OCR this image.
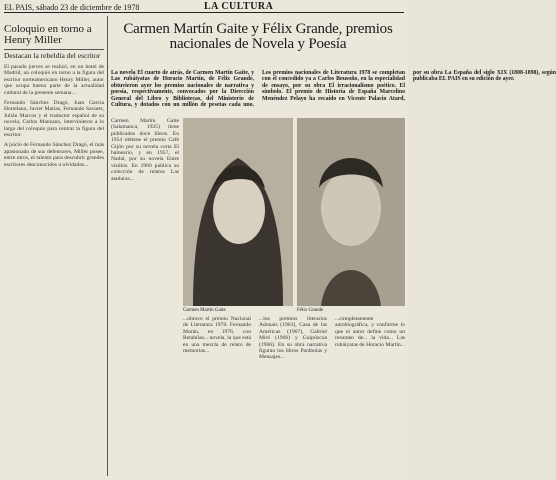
EL PAIS, sábado 23 de diciembre de 1978	LA CULTURA
Coloquio en torno a Henry Miller
Destacan la rebeldía del escritor

El pasado jueves se realizó, en un hotel de Madrid, un coloquio en torno a la figura del escritor norteamericano Henry Miller, autor que ocupa buena parte de la actualidad cultural de la presente semana...

Fernando Sánchez Dragó, Juan García Hortelano, Javier Marías, Fernando Savater, Julián Marcos y el traductor español de su novela, Carlos Manzano, intervinieron a lo largo del coloquio para centrar la figura del escritor.

A juicio de Fernando Sánchez Dragó, el más apasionado de sus defensores, Miller posee, entre otros, el talento para descubrir grandes escritores desconocidos u olvidados...

Carmen Martín Gaite y Félix Grande, premios nacionales de Novela y Poesía
La novela El cuarto de atrás, de Carmen Martín Gaite, y Las rubáiyatas de Horacio Martín, de Félix Grande, obtuvieron ayer los premios nacionales de narrativa y poesía, respectivamente, convocados por la Dirección General del Libro y Bibliotecas, del Ministerio de Cultura, y dotados con un millón de pesetas cada uno. Los premios nacionales de Literatura 1978 se completan con el concedido ya a Carlos Bousoño, en la especialidad de ensayo, por su obra El irracionalismo poético. El símbolo. El premio de Historia de España Marcelino Menéndez Pelayo ha recaído en Vicente Palacio Atard, por su obra La España del siglo XIX (1808-1898), según publicaba EL PAIS en su edición de ayer.
Carmen Martín Gaite (Salamanca, 1925) tiene publicados doce libros. En 1954 obtiene el premio Café Gijón por su novela corta El balneario, y en 1957, el Nadal, por su novela Entre visillos. En 1960 publica su colección de relatos Las ataduras...
Carmen Martín Gaite	Félix Grande
...obtuvo el premio Nacional de Literatura 1978. Fernando Morán, en 1976, con Retahílas... novela, la que está en una mezcla de relato de memorias...
...los premios literarios Adonais (1963), Casa de las Américas (1967), Gabriel Miró (1966) y Guipúzcoa (1966). En su obra narrativa figuran los libros Parábolas y Mensajes...
...completamente autobiográfica, y conforme lo que el autor define como un resumen de... la vida... Las rubáiyatas de Horacio Martín...
